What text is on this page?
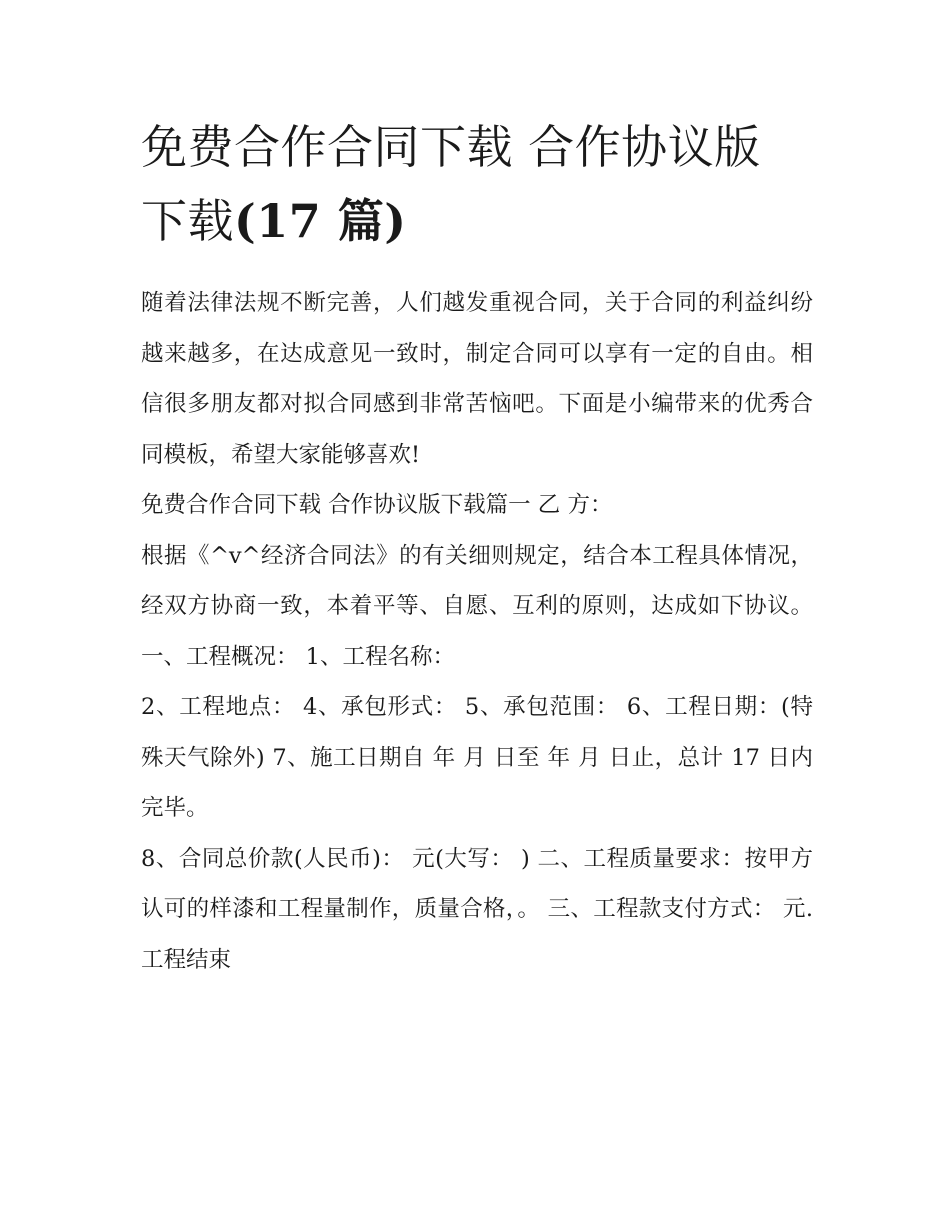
免费合作合同下载 合作协议版
下载(17 篇)

随着法律法规不断完善，人们越发重视合同，关于合同的利益纠纷越来越多，在达成意见一致时，制定合同可以享有一定的自由。相信很多朋友都对拟合同感到非常苦恼吧。下面是小编带来的优秀合同模板，希望大家能够喜欢!

免费合作合同下载 合作协议版下载篇一 乙 方：

根据《^v^经济合同法》的有关细则规定，结合本工程具体情况，经双方协商一致，本着平等、自愿、互利的原则，达成如下协议。 一、工程概况： 1、工程名称：

2、工程地点： 4、承包形式： 5、承包范围： 6、工程日期：(特殊天气除外) 7、施工日期自 年 月 日至 年 月 日止，总计 17 日内完毕。

8、合同总价款(人民币)： 元(大写： ) 二、工程质量要求：按甲方认可的样漆和工程量制作，质量合格，。 三、工程款支付方式： 元.工程结束
